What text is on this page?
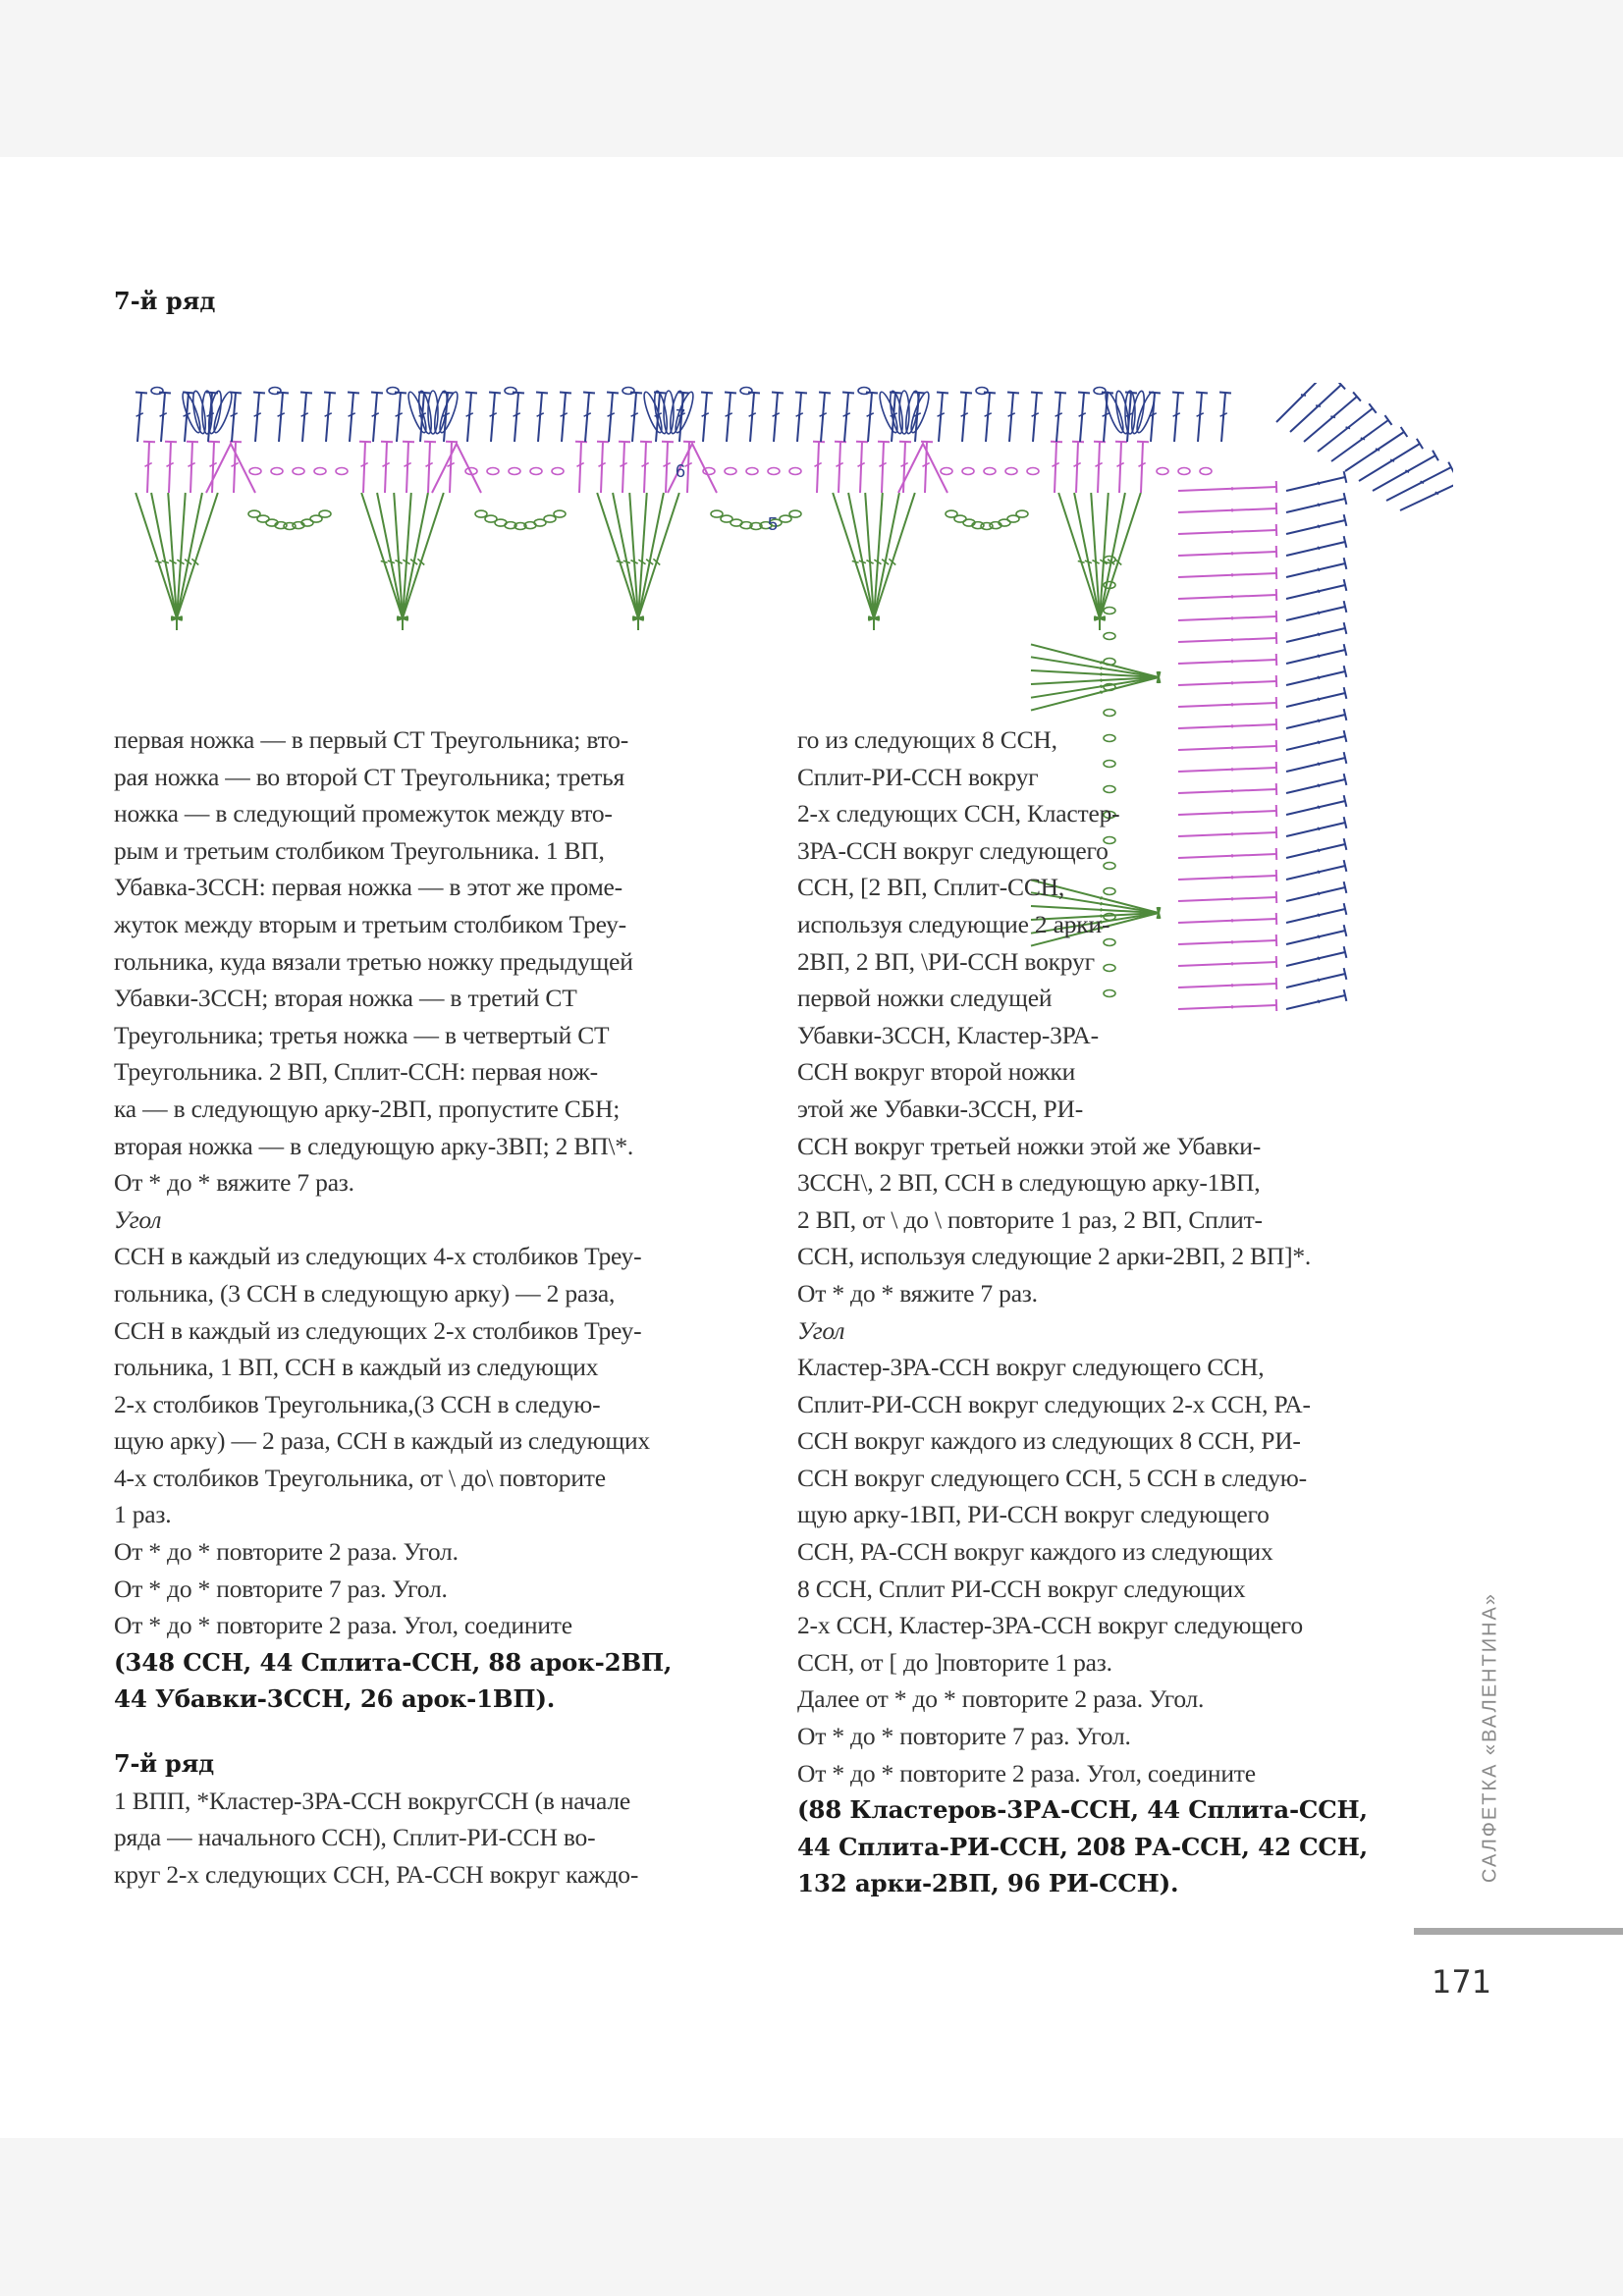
7-й ряд
5
6
7
первая ножка — в первый СТ Треугольника; вто-
рая ножка — во второй СТ Треугольника; третья
ножка — в следующий промежуток между вто-
рым и третьим столбиком Треугольника. 1 ВП,
Убавка-3ССН: первая ножка — в этот же проме-
жуток между вторым и третьим столбиком Треу-
гольника, куда вязали третью ножку предыдущей
Убавки-3ССН; вторая ножка — в третий СТ
Треугольника; третья ножка — в четвертый СТ
Треугольника. 2 ВП, Сплит-ССН: первая нож-
ка — в следующую арку-2ВП, пропустите СБН;
вторая ножка — в следующую арку-3ВП; 2 ВП\*.
От * до * вяжите 7 раз.
Угол
ССН в каждый из следующих 4-х столбиков Треу-
гольника, (3 ССН в следующую арку) — 2 раза,
ССН в каждый из следующих 2-х столбиков Треу-
гольника, 1 ВП, ССН в каждый из следующих
2-х столбиков Треугольника,(3 ССН в следую-
щую арку) — 2 раза, ССН в каждый из следующих
4-х столбиков Треугольника, от \ до\ повторите
1 раз.
От * до * повторите 2 раза. Угол.
От * до * повторите 7 раз. Угол.
От * до * повторите 2 раза. Угол, соедините
(348 ССН, 44 Сплита-ССН, 88 арок-2ВП,
44 Убавки-3ССН, 26 арок-1ВП).
7-й ряд
1 ВПП, *Кластер-3РА-ССН вокругССН (в начале
ряда — начального ССН), Сплит-РИ-ССН во-
круг 2-х следующих ССН, РА-ССН вокруг каждо-
го из следующих 8 ССН,
Сплит-РИ-ССН вокруг
2-х следующих ССН, Кластер-
3РА-ССН вокруг следующего
ССН, [2 ВП, Сплит-ССН,
используя следующие 2 арки-
2ВП, 2 ВП, \РИ-ССН вокруг
первой ножки следущей
Убавки-3ССН, Кластер-3РА-
ССН вокруг второй ножки
этой же Убавки-3ССН, РИ-
ССН вокруг третьей ножки этой же Убавки-
3ССН\, 2 ВП, ССН в следующую арку-1ВП,
2 ВП, от \ до \ повторите 1 раз, 2 ВП, Сплит-
ССН, используя следующие 2 арки-2ВП, 2 ВП]*.
От * до * вяжите 7 раз.
Угол
Кластер-3РА-ССН вокруг следующего ССН,
Сплит-РИ-ССН вокруг следующих 2-х ССН, РА-
ССН вокруг каждого из следующих 8 ССН, РИ-
ССН вокруг следующего ССН, 5 ССН в следую-
щую арку-1ВП, РИ-ССН вокруг следующего
ССН, РА-ССН вокруг каждого из следующих
8 ССН, Сплит РИ-ССН вокруг следующих
2-х ССН, Кластер-3РА-ССН вокруг следующего
ССН, от [ до ]повторите 1 раз.
Далее от * до * повторите 2 раза. Угол.
От * до * повторите 7 раз. Угол.
От * до * повторите 2 раза. Угол, соедините
(88 Кластеров-3РА-ССН, 44 Сплита-ССН,
44 Сплита-РИ-ССН, 208 РА-ССН, 42 ССН,
132 арки-2ВП, 96 РИ-ССН).
САЛФЕТКА «ВАЛЕНТИНА»
171
